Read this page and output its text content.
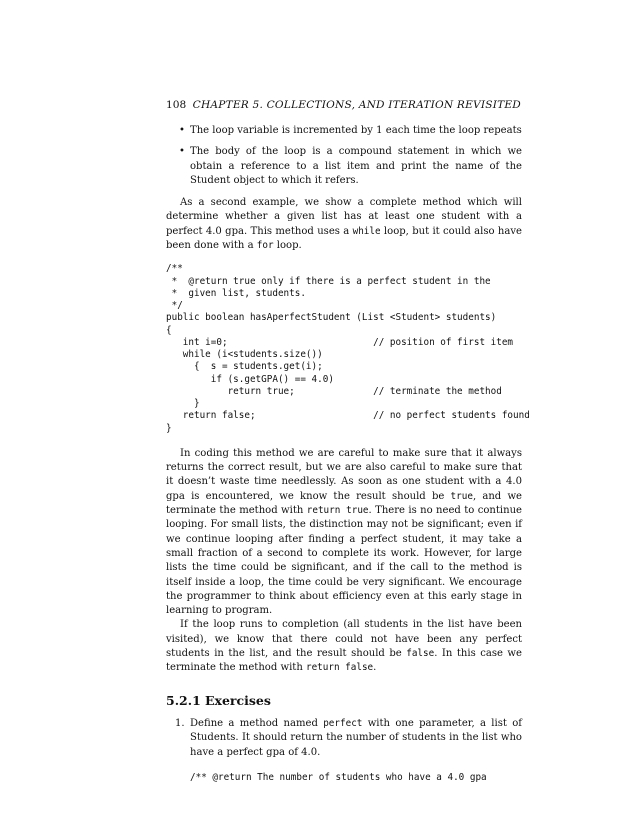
108 CHAPTER 5. COLLECTIONS, AND ITERATION REVISITED
• The loop variable is incremented by 1 each time the loop repeats
• The body of the loop is a compound statement in which we obtain a reference to a list item and print the name of the Student object to which it refers.

As a second example, we show a complete method which will determine whether a given list has at least one student with a perfect 4.0 gpa. This method uses a while loop, but it could also have been done with a for loop.

/**
*  @return true only if there is a perfect student in the
*  given list, students.
*/
public boolean hasAperfectStudent (List <Student> students)
{
int i=0;                          // position of first item
while (i<students.size())
{  s = students.get(i);
if (s.getGPA() == 4.0)
return true;              // terminate the method
}
return false;                     // no perfect students found
}

In coding this method we are careful to make sure that it always returns the correct result, but we are also careful to make sure that it doesn’t waste time needlessly. As soon as one student with a 4.0 gpa is encountered, we know the result should be true, and we terminate the method with return true. There is no need to continue looping. For small lists, the distinction may not be significant; even if we continue looping after finding a perfect student, it may take a small fraction of a second to complete its work. However, for large lists the time could be significant, and if the call to the method is itself inside a loop, the time could be very significant. We encourage the programmer to think about efficiency even at this early stage in learning to program.

If the loop runs to completion (all students in the list have been visited), we know that there could not have been any perfect students in the list, and the result should be false. In this case we terminate the method with return false.

5.2.1 Exercises
1. Define a method named perfect with one parameter, a list of Students. It should return the number of students in the list who have a perfect gpa of 4.0.
/** @return The number of students who have a 4.0 gpa
